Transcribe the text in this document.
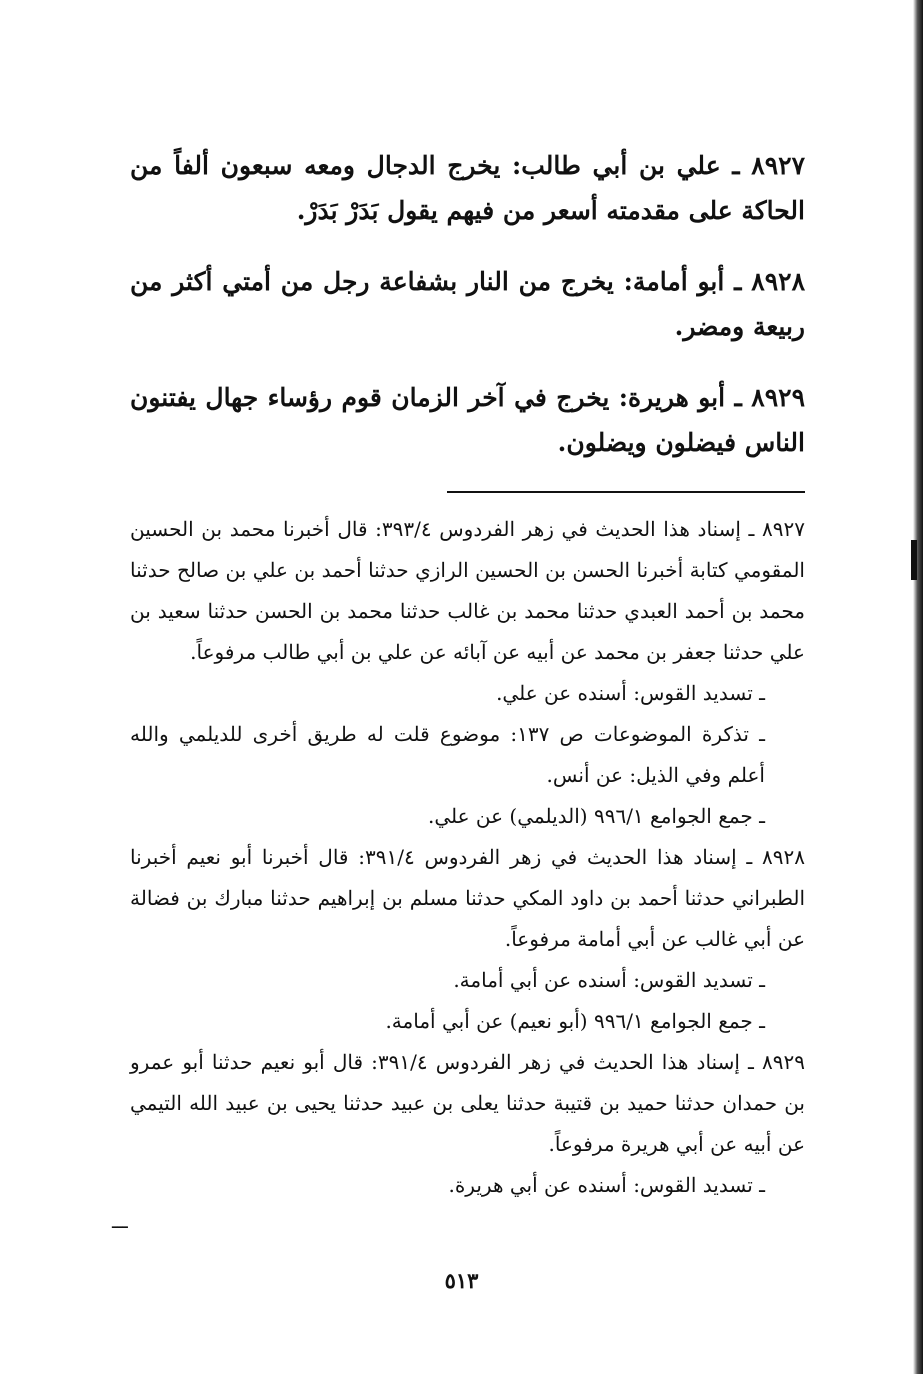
٨٩٢٧ ـ علي بن أبي طالب: يخرج الدجال ومعه سبعون ألفاً من الحاكة على مقدمته أسعر من فيهم يقول بَدَرْ بَدَرْ.

٨٩٢٨ ـ أبو أمامة: يخرج من النار بشفاعة رجل من أمتي أكثر من ربيعة ومضر.

٨٩٢٩ ـ أبو هريرة: يخرج في آخر الزمان قوم رؤساء جهال يفتنون الناس فيضلون ويضلون.

٨٩٢٧ ـ إسناد هذا الحديث في زهر الفردوس ٣٩٣/٤: قال أخبرنا محمد بن الحسين المقومي كتابة أخبرنا الحسن بن الحسين الرازي حدثنا أحمد بن علي بن صالح حدثنا محمد بن أحمد العبدي حدثنا محمد بن غالب حدثنا محمد بن الحسن حدثنا سعيد بن علي حدثنا جعفر بن محمد عن أبيه عن آبائه عن علي بن أبي طالب مرفوعاً.

ـ تسديد القوس: أسنده عن علي.

ـ تذكرة الموضوعات ص ١٣٧: موضوع قلت له طريق أخرى للديلمي والله أعلم وفي الذيل: عن أنس.

ـ جمع الجوامع ٩٩٦/١ (الديلمي) عن علي.

٨٩٢٨ ـ إسناد هذا الحديث في زهر الفردوس ٣٩١/٤: قال أخبرنا أبو نعيم أخبرنا الطبراني حدثنا أحمد بن داود المكي حدثنا مسلم بن إبراهيم حدثنا مبارك بن فضالة عن أبي غالب عن أبي أمامة مرفوعاً.

ـ تسديد القوس: أسنده عن أبي أمامة.

ـ جمع الجوامع ٩٩٦/١ (أبو نعيم) عن أبي أمامة.

٨٩٢٩ ـ إسناد هذا الحديث في زهر الفردوس ٣٩١/٤: قال أبو نعيم حدثنا أبو عمرو بن حمدان حدثنا حميد بن قتيبة حدثنا يعلى بن عبيد حدثنا يحيى بن عبيد الله التيمي عن أبيه عن أبي هريرة مرفوعاً.

ـ تسديد القوس: أسنده عن أبي هريرة.

ـــ
٥١٣
